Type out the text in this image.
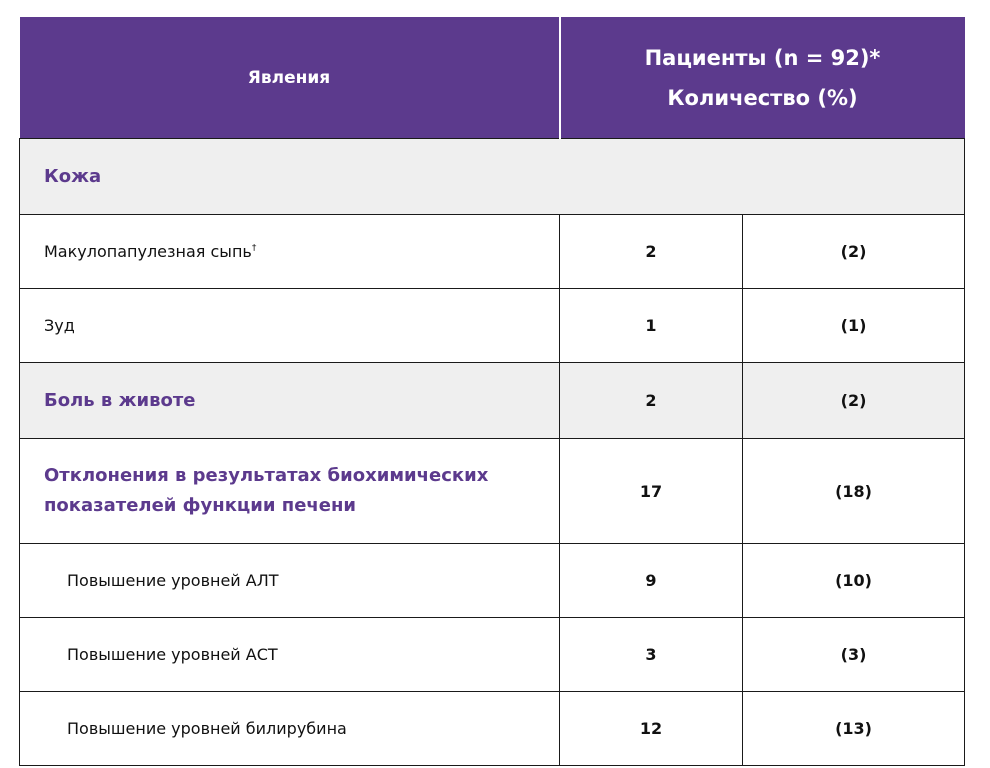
Явления	Пациенты (n = 92)*
Количество (%)	

Кожа		
Макулопапулезная сыпь†	2	(2)
Зуд	1	(1)
Боль в животе	2	(2)
Отклонения в результатах биохимических показателей функции печени	17	(18)
Повышение уровней АЛТ	9	(10)
Повышение уровней АСТ	3	(3)
Повышение уровней билирубина	12	(13)
